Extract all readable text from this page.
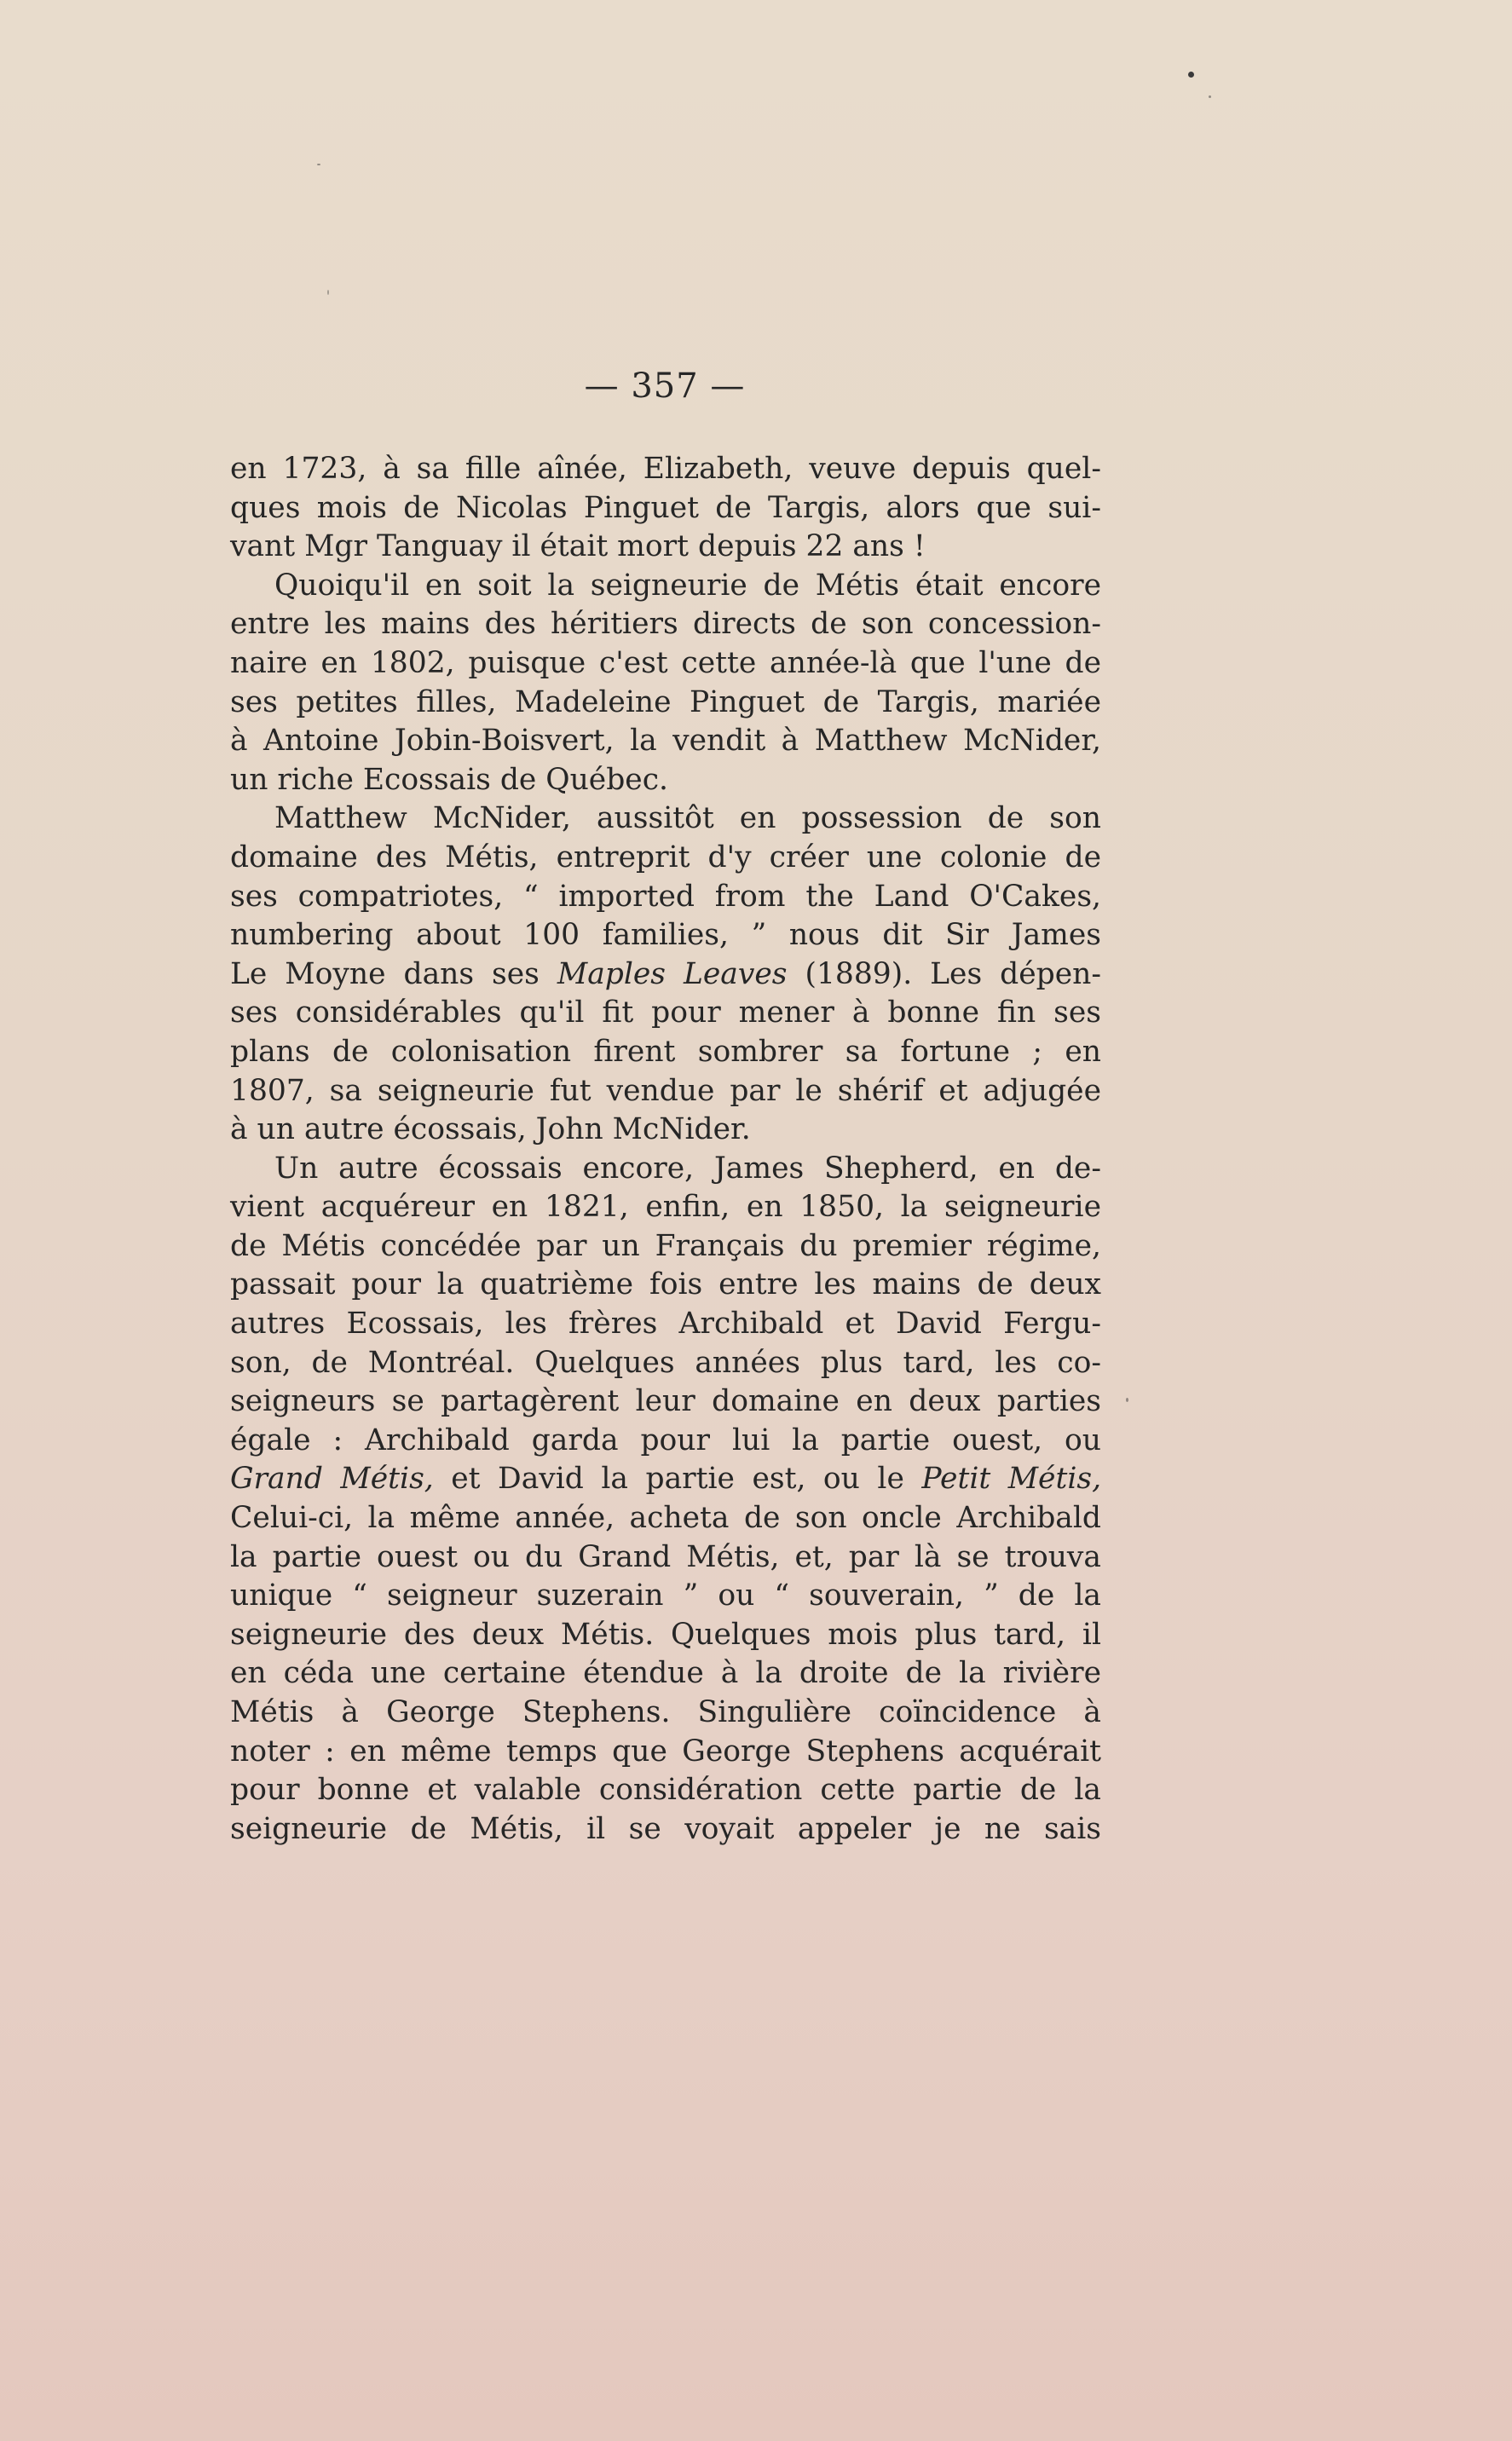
— 357 —

en 1723, à sa fille aînée, Elizabeth, veuve depuis quel-
ques mois de Nicolas Pinguet de Targis, alors que sui-
vant Mgr Tanguay il était mort depuis 22 ans !

Quoiqu'il en soit la seigneurie de Métis était encore
entre les mains des héritiers directs de son concession-
naire en 1802, puisque c'est cette année-là que l'une de
ses petites filles, Madeleine Pinguet de Targis, mariée
à Antoine Jobin-Boisvert, la vendit à Matthew McNider,
un riche Ecossais de Québec.

Matthew McNider, aussitôt en possession de son
domaine des Métis, entreprit d'y créer une colonie de
ses compatriotes, “ imported from the Land O'Cakes,
numbering about 100 families, ” nous dit Sir James
Le Moyne dans ses Maples Leaves (1889). Les dépen-
ses considérables qu'il fit pour mener à bonne fin ses
plans de colonisation firent sombrer sa fortune ; en
1807, sa seigneurie fut vendue par le shérif et adjugée
à un autre écossais, John McNider.

Un autre écossais encore, James Shepherd, en de-
vient acquéreur en 1821, enfin, en 1850, la seigneurie
de Métis concédée par un Français du premier régime,
passait pour la quatrième fois entre les mains de deux
autres Ecossais, les frères Archibald et David Fergu-
son, de Montréal. Quelques années plus tard, les co-
seigneurs se partagèrent leur domaine en deux parties
égale : Archibald garda pour lui la partie ouest, ou
Grand Métis, et David la partie est, ou le Petit Métis,
Celui-ci, la même année, acheta de son oncle Archibald
la partie ouest ou du Grand Métis, et, par là se trouva
unique “ seigneur suzerain ” ou “ souverain, ” de la
seigneurie des deux Métis. Quelques mois plus tard, il
en céda une certaine étendue à la droite de la rivière
Métis à George Stephens. Singulière coïncidence à
noter : en même temps que George Stephens acquérait
pour bonne et valable considération cette partie de la
seigneurie de Métis, il se voyait appeler je ne sais
